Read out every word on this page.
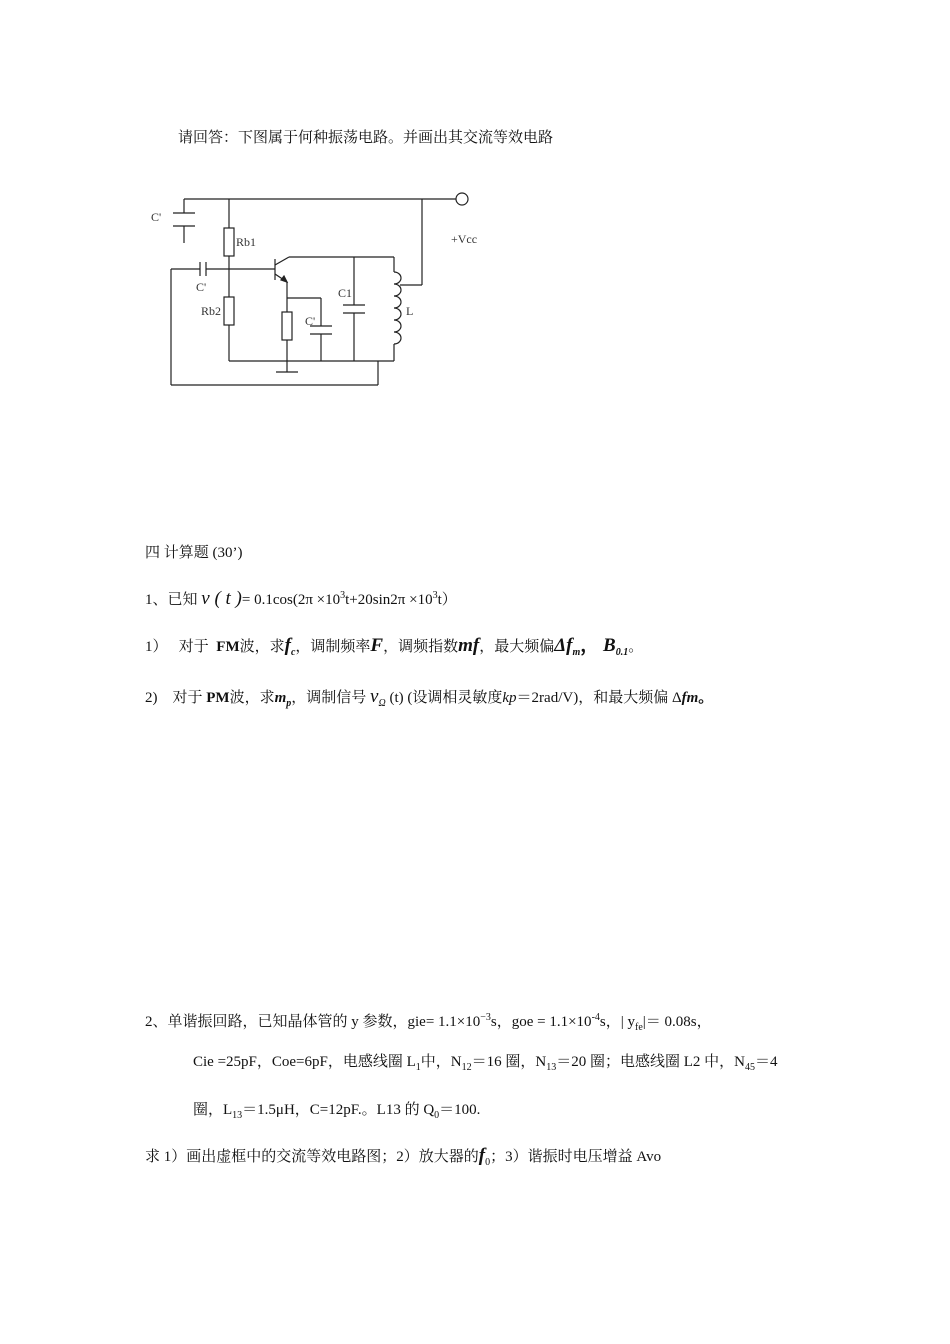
请回答：下图属于何种振荡电路。并画出其交流等效电路
C'
Rb1	+Vcc
C'	C1
L
Rb2
C'
四 计算题 (30’)
1、已知 v ( t )= $0.1\cos(2\pi \times 10^3t+20\sin 2\pi \times 10^3t)$
1） 对于 FM波，求$f_c$，调制频率F，调频指数mf，最大频偏$\Delta f_m$， $B_{0.1}$。
2) 对于 PM波，求$m_p$，调制信号 $v_\Omega$ (t) (设调相灵敏度kp＝2rad/V)，和最大频偏 Δfm。
2、单谐振回路，已知晶体管的 y 参数，$gie= 1.1\times 10^{-3}s$，goe = $1.1\times 10^{-4}s$，| $y_{fe}|= 0.08s$，
Cie =25pF，Coe=6pF，电感线圈 $L_1$中，$N_{12}=16$ 圈，$N_{13}=20$ 圈；电感线圈 L2 中，$N_{45}=4$
圈，$L_{13}=1.5\mu H$，C=12pF.。L13 的 $Q_0=100$.
求 1）画出虚框中的交流等效电路图；2）放大器的$f_0$；3）谐振时电压增益 Avo
